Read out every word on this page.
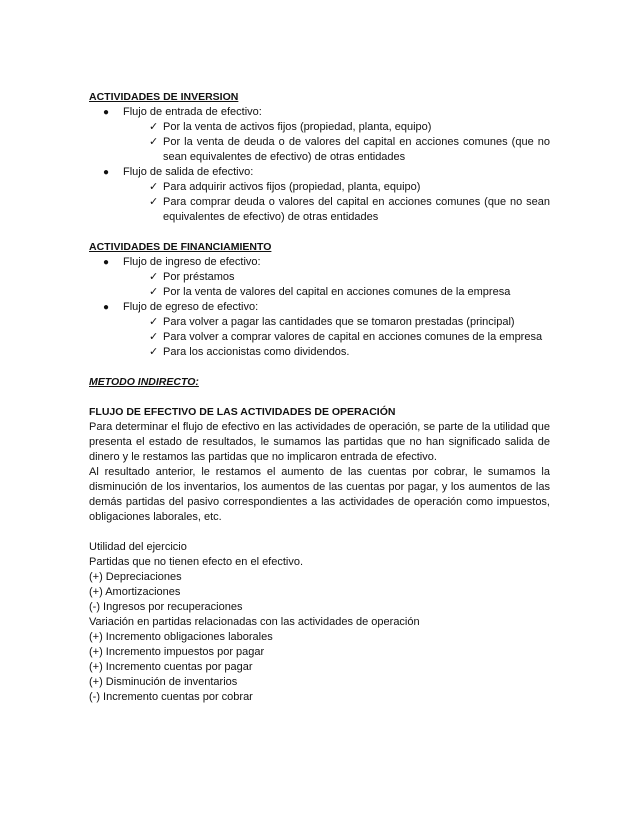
ACTIVIDADES DE INVERSION
● Flujo de entrada de efectivo:
✓ Por la venta de activos fijos (propiedad, planta, equipo)
✓ Por la venta de deuda o de valores del capital en acciones comunes (que no sean equivalentes de efectivo) de otras entidades
● Flujo de salida de efectivo:
✓ Para adquirir activos fijos (propiedad, planta, equipo)
✓ Para comprar deuda o valores del capital en acciones comunes (que no sean equivalentes de efectivo) de otras entidades
ACTIVIDADES DE FINANCIAMIENTO
● Flujo de ingreso de efectivo:
✓ Por préstamos
✓ Por la venta de valores del capital en acciones comunes de la empresa
● Flujo de egreso de efectivo:
✓ Para volver a pagar las cantidades que se tomaron prestadas (principal)
✓ Para volver a comprar valores de capital en acciones comunes de la empresa
✓ Para los accionistas como dividendos.
METODO INDIRECTO:
FLUJO DE EFECTIVO DE LAS ACTIVIDADES DE OPERACIÓN
Para determinar el flujo de efectivo en las actividades de operación, se parte de la utilidad que presenta el estado de resultados, le sumamos las partidas que no han significado salida de dinero y le restamos las partidas que no implicaron entrada de efectivo.
Al resultado anterior, le restamos el aumento de las cuentas por cobrar, le sumamos la disminución de los inventarios, los aumentos de las cuentas por pagar, y los aumentos de las demás partidas del pasivo correspondientes a las actividades de operación como impuestos, obligaciones laborales, etc.
Utilidad del ejercicio
Partidas que no tienen efecto en el efectivo.
(+) Depreciaciones
(+) Amortizaciones
(-) Ingresos por recuperaciones
Variación en partidas relacionadas con las actividades de operación
(+) Incremento obligaciones laborales
(+) Incremento impuestos por pagar
(+) Incremento cuentas por pagar
(+) Disminución de inventarios
(-) Incremento cuentas por cobrar
